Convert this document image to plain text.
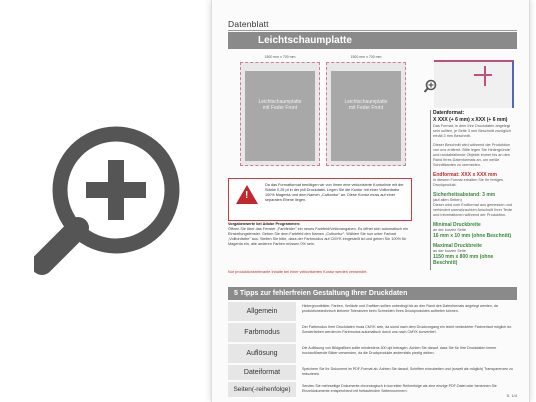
Datenblatt
Leichtschaumplatte
1500 mm x 700 mm
Leichtschaumplatte
mit Feder Front
1500 mm x 700 mm
Leichtschaumplatte
mit Feder Front
Datenformat:
X XXX (+ 6 mm) x XXX (+ 6 mm)
Das Format, in dem Ihre Druckdaten angelegt sein sollten, je Seite 3 mm Beschnitt zuzüglich erhält 3 mm Beschnitt.
Dieser Beschnitt wird während der Produktion von uns entfernt. Bitte legen Sie Hintergründe und randabfallende Objekte immer bis an den Rand Ihres Datenformats an, um weiße Schnittkanten zu vermeiden.
Endformat: XXX x XXX mm
In diesem Format erhalten Sie Ihr fertiges Druckprodukt.
Sicherheitsabstand: 3 mm
(auf allen Seiten)
Dieser wird vom Endformat aus gemessen und verhindert unerwünschten Anschnitt Ihrer Texte und Informationen während der Produktion.
Minimal Druckbreite
an der kurzen Seite
16 mm x 10 mm (ohne Beschnitt)
Maximal Druckbreite
an der kurzen Seite
1150 mm x 800 mm (ohne Beschnitt)
!
Da das Formatformat benötigen wir von Ihnen eine vektorisierte Konturlinie mit der Stärke 0,25 pt in der pdf-Druckdatei. Legen Sie die Kontur mit einer Volltonfarbe 100% Magenta und dem Namen „Cutkontur" an. Diese Kontur muss auf einer separaten Ebene liegen.
Vorgabenwerte bei Adobe Programmen:
Öffnen Sie über das Fenster „Farbfelder" ein neues Farbfeld/Vektorangaben. Es öffnet sich automatisch ein Einstellungsfenster. Geben Sie dem Farbfeld den Namen „Cutkontur". Wählen Sie nun unter Farbart „Volltonfarbe" aus. Stellen Sie bitte, dass der Farbmodus auf CMYK eingestellt ist und geben Sie 100% für Magenta ein, alle anderen Farben müssen 0% sein.
Nur produktionsrelevante Inhalte bei einer vektorisierten Kontur werden verwendet.
5 Tipps zur fehlerfreien Gestaltung Ihrer Druckdaten
Allgemein
Hintergrundbilder, Farben, Verläufe und Grafiken sollten unbedingt bis an den Rand des Datenformats angelegt werden, da produktionstechnisch kleinere Toleranzen beim Schneiden Ihres Druckproduktes auftreten können.
Farbmodus
Der Farbmodus Ihrer Druckdaten muss CMYK sein, da sonst nach dem Druckvorgang ein leicht veränderter Farbverlauf möglich ist. Sonderfarben werden im Farbmodus automatisch durch uns nach CMYK konvertiert.
Auflösung
Die Auflösung von Bildgrafiken sollte mindestens 300 dpi betragen. Achten Sie darauf, dass Sie für Ihre Druckdaten immer hochauflösende Bilder verwenden, da die Druckprodukte andernfalls pixelig wirken.
Dateiformat	Speichern Sie Ihr Dokument im PDF-Format ab. Achten Sie darauf, Schriften einzubetten und (soweit als möglich) Transparenzen zu reduzieren.
Seiten(-reihenfolge)	Senden Sie mehrseitige Dokumente chronologisch in korrekter Reihenfolge als eine einzige PDF-Datei oder benennen Sie Einzeldokumente entsprechend mit fortlaufenden Seitennummern.
S. 1/4
